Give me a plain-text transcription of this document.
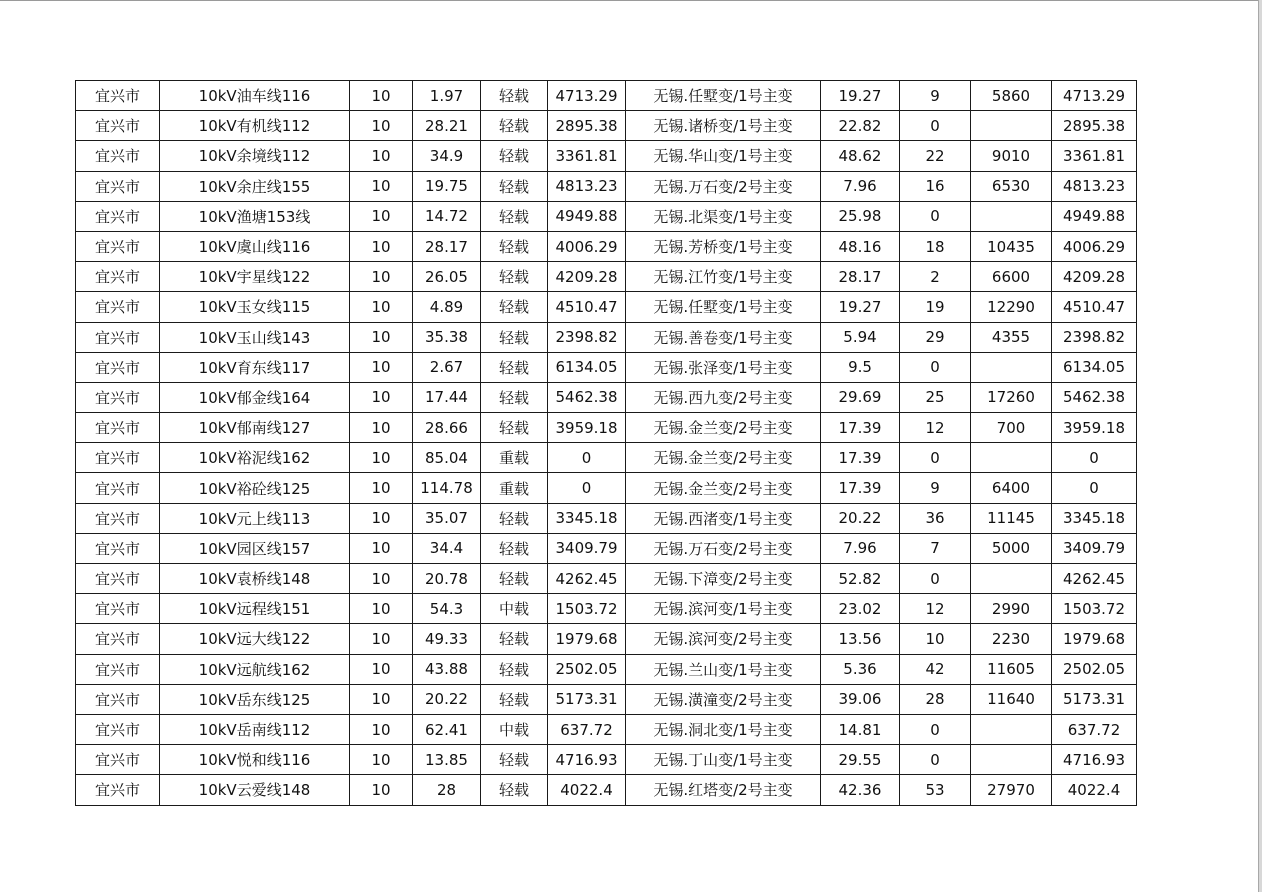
宜兴市	10kV油车线116	10	1.97	轻载	4713.29	无锡.任墅变/1号主变	19.27	9	5860	4713.29
宜兴市	10kV有机线112	10	28.21	轻载	2895.38	无锡.诸桥变/1号主变	22.82	0		2895.38
宜兴市	10kV余境线112	10	34.9	轻载	3361.81	无锡.华山变/1号主变	48.62	22	9010	3361.81
宜兴市	10kV余庄线155	10	19.75	轻载	4813.23	无锡.万石变/2号主变	7.96	16	6530	4813.23
宜兴市	10kV渔塘153线	10	14.72	轻载	4949.88	无锡.北渠变/1号主变	25.98	0		4949.88
宜兴市	10kV虞山线116	10	28.17	轻载	4006.29	无锡.芳桥变/1号主变	48.16	18	10435	4006.29
宜兴市	10kV宇星线122	10	26.05	轻载	4209.28	无锡.江竹变/1号主变	28.17	2	6600	4209.28
宜兴市	10kV玉女线115	10	4.89	轻载	4510.47	无锡.任墅变/1号主变	19.27	19	12290	4510.47
宜兴市	10kV玉山线143	10	35.38	轻载	2398.82	无锡.善卷变/1号主变	5.94	29	4355	2398.82
宜兴市	10kV育东线117	10	2.67	轻载	6134.05	无锡.张泽变/1号主变	9.5	0		6134.05
宜兴市	10kV郁金线164	10	17.44	轻载	5462.38	无锡.西九变/2号主变	29.69	25	17260	5462.38
宜兴市	10kV郁南线127	10	28.66	轻载	3959.18	无锡.金兰变/2号主变	17.39	12	700	3959.18
宜兴市	10kV裕泥线162	10	85.04	重载	0	无锡.金兰变/2号主变	17.39	0		0
宜兴市	10kV裕砼线125	10	114.78	重载	0	无锡.金兰变/2号主变	17.39	9	6400	0
宜兴市	10kV元上线113	10	35.07	轻载	3345.18	无锡.西渚变/1号主变	20.22	36	11145	3345.18
宜兴市	10kV园区线157	10	34.4	轻载	3409.79	无锡.万石变/2号主变	7.96	7	5000	3409.79
宜兴市	10kV袁桥线148	10	20.78	轻载	4262.45	无锡.下漳变/2号主变	52.82	0		4262.45
宜兴市	10kV远程线151	10	54.3	中载	1503.72	无锡.滨河变/1号主变	23.02	12	2990	1503.72
宜兴市	10kV远大线122	10	49.33	轻载	1979.68	无锡.滨河变/2号主变	13.56	10	2230	1979.68
宜兴市	10kV远航线162	10	43.88	轻载	2502.05	无锡.兰山变/1号主变	5.36	42	11605	2502.05
宜兴市	10kV岳东线125	10	20.22	轻载	5173.31	无锡.潢潼变/2号主变	39.06	28	11640	5173.31
宜兴市	10kV岳南线112	10	62.41	中载	637.72	无锡.洞北变/1号主变	14.81	0		637.72
宜兴市	10kV悦和线116	10	13.85	轻载	4716.93	无锡.丁山变/1号主变	29.55	0		4716.93
宜兴市	10kV云爱线148	10	28	轻载	4022.4	无锡.红塔变/2号主变	42.36	53	27970	4022.4
